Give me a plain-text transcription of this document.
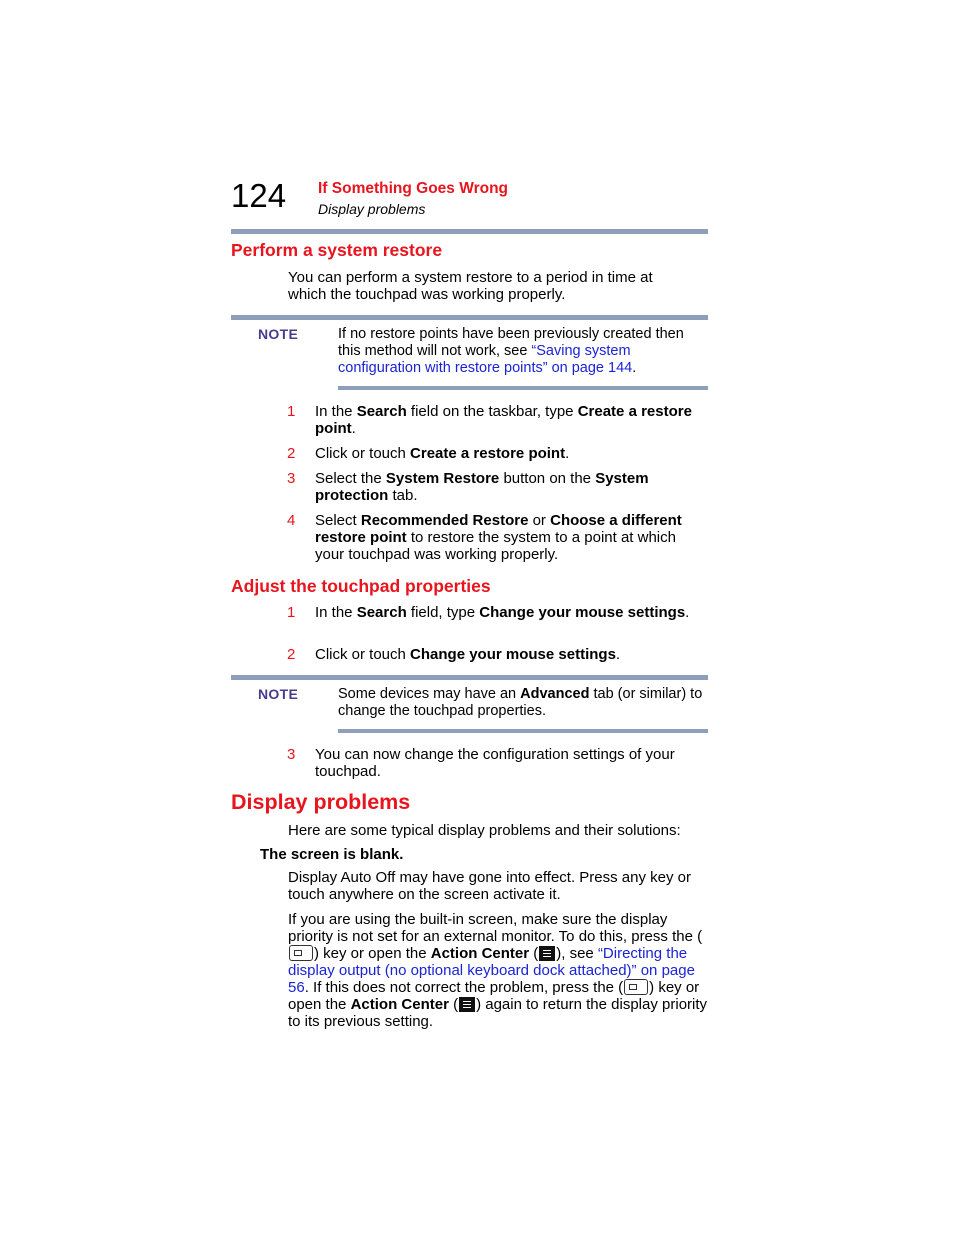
124 If Something Goes Wrong
Display problems
Perform a system restore
You can perform a system restore to a period in time at which the touchpad was working properly.
NOTE	If no restore points have been previously created then this method will not work, see “Saving system configuration with restore points” on page 144.
1 In the Search field on the taskbar, type Create a restore point.
2 Click or touch Create a restore point.
3 Select the System Restore button on the System protection tab.
4 Select Recommended Restore or Choose a different restore point to restore the system to a point at which your touchpad was working properly.
Adjust the touchpad properties
1 In the Search field, type Change your mouse settings.
2 Click or touch Change your mouse settings.
NOTE	Some devices may have an Advanced tab (or similar) to change the touchpad properties.
3 You can now change the configuration settings of your touchpad.
Display problems
Here are some typical display problems and their solutions:
The screen is blank.
Display Auto Off may have gone into effect. Press any key or touch anywhere on the screen activate it.
If you are using the built-in screen, make sure the display priority is not set for an external monitor. To do this, press the () key or open the Action Center ( ), see “Directing the display output (no optional keyboard dock attached)” on page 56. If this does not correct the problem, press the ( ) key or open the Action Center ( ) again to return the display priority to its previous setting.
